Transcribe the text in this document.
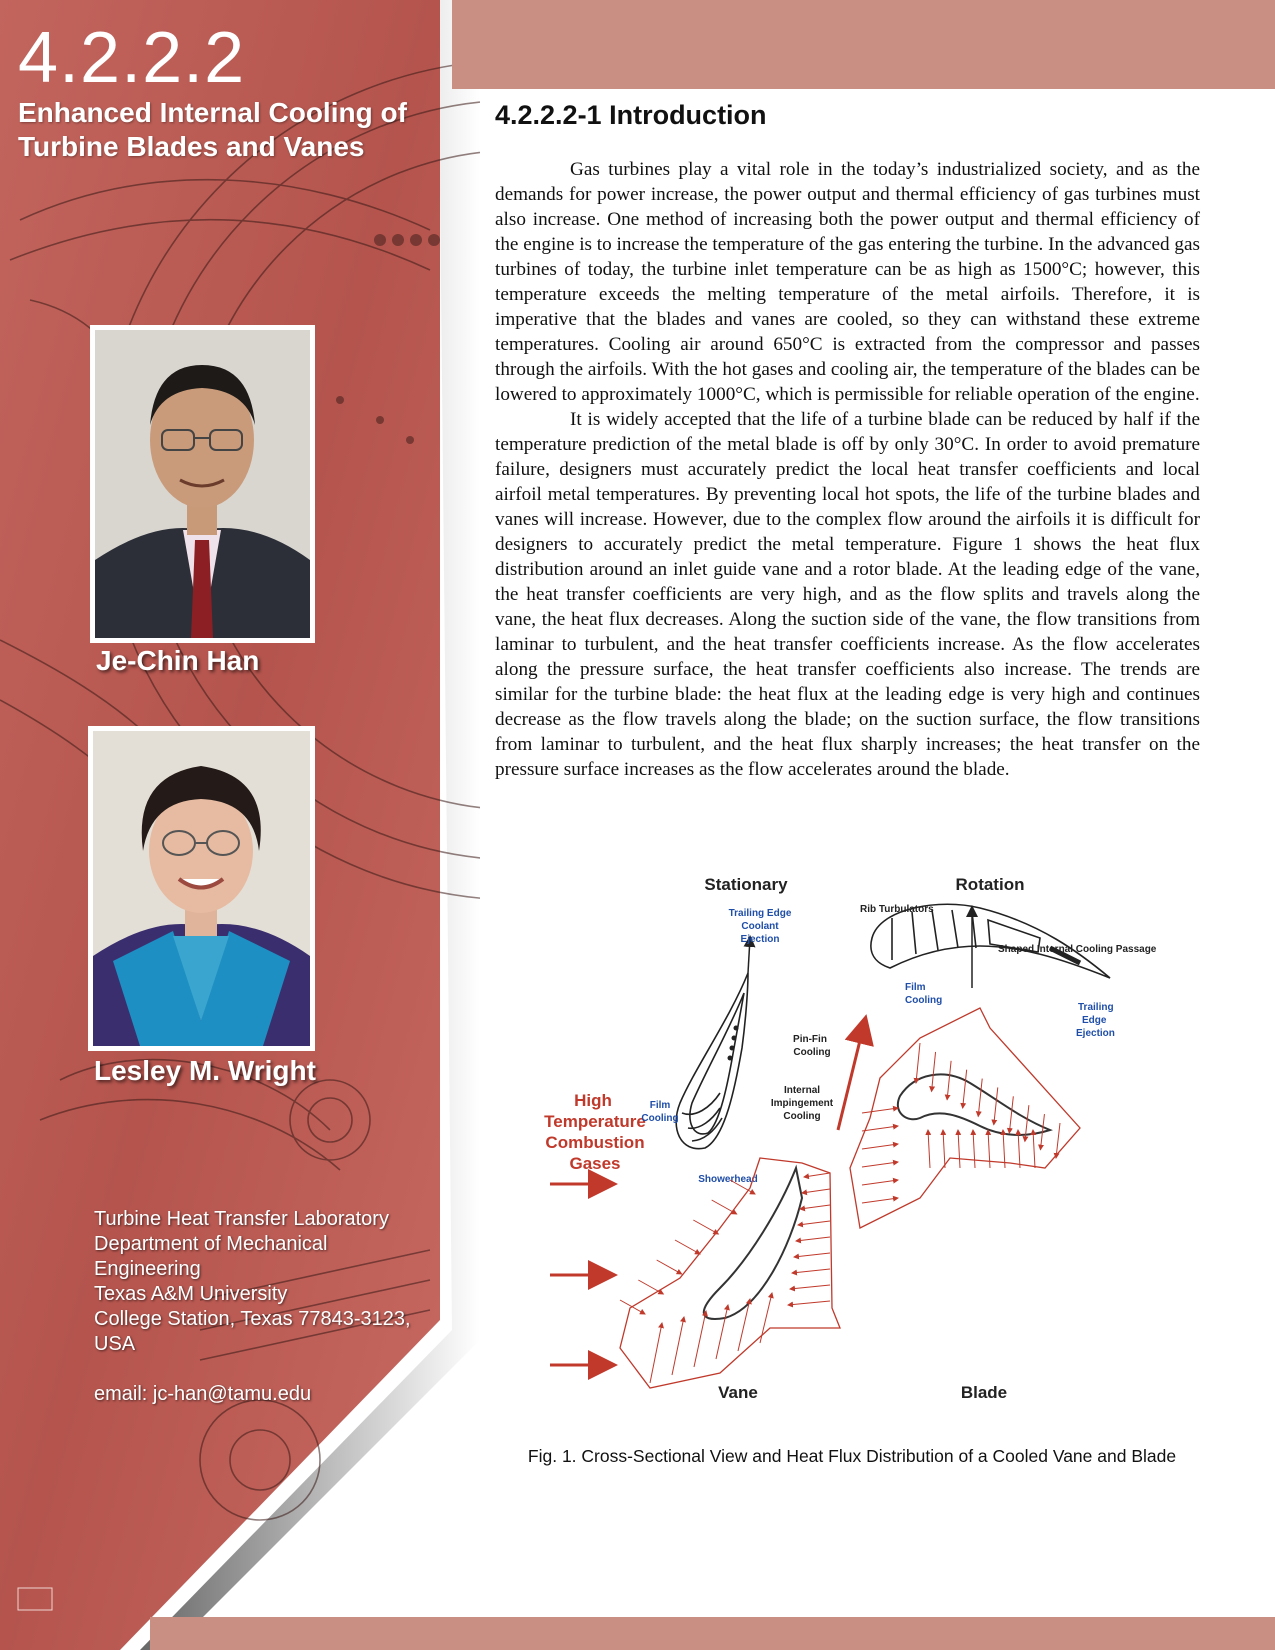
4.2.2.2
Enhanced Internal Cooling of Turbine Blades and Vanes

Je-Chin Han

Lesley M. Wright

Turbine Heat Transfer Laboratory
Department of Mechanical
Engineering
Texas A&M University
College Station, Texas 77843-3123,
USA
email: jc-han@tamu.edu
4.2.2.2-1 Introduction

Gas turbines play a vital role in the today’s industrialized society, and as the demands for power increase, the power output and thermal efficiency of gas turbines must also increase. One method of increasing both the power output and thermal efficiency of the engine is to increase the temperature of the gas entering the turbine. In the advanced gas turbines of today, the turbine inlet temperature can be as high as 1500°C; however, this temperature exceeds the melting temperature of the metal airfoils. Therefore, it is imperative that the blades and vanes are cooled, so they can withstand these extreme temperatures. Cooling air around 650°C is extracted from the compressor and passes through the airfoils. With the hot gases and cooling air, the temperature of the blades can be lowered to approximately 1000°C, which is permissible for reliable operation of the engine.

It is widely accepted that the life of a turbine blade can be reduced by half if the temperature prediction of the metal blade is off by only 30°C. In order to avoid premature failure, designers must accurately predict the local heat transfer coefficients and local airfoil metal temperatures. By preventing local hot spots, the life of the turbine blades and vanes will increase. However, due to the complex flow around the airfoils it is difficult for designers to accurately predict the metal temperature. Figure 1 shows the heat flux distribution around an inlet guide vane and a rotor blade. At the leading edge of the vane, the heat transfer coefficients are very high, and as the flow splits and travels along the vane, the heat flux decreases. Along the suction side of the vane, the flow transitions from laminar to turbulent, and the heat transfer coefficients increase. As the flow accelerates along the pressure surface, the heat transfer coefficients also increase. The trends are similar for the turbine blade: the heat flux at the leading edge is very high and continues decrease as the flow travels along the blade; on the suction surface, the flow transitions from laminar to turbulent, and the heat flux sharply increases; the heat transfer on the pressure surface increases as the flow accelerates around the blade.

Stationary	Rotation
High
Temperature
Combustion
Gases
Trailing Edge
Coolant
Ejection
Pin-Fin
Cooling
Internal
Impingement
Cooling
Film
Cooling
Showerhead
Rib Turbulators
Shaped Internal Cooling Passage
Film
Cooling
Trailing
Edge
Ejection
Vane	Blade
Fig. 1. Cross-Sectional View and Heat Flux Distribution of a Cooled Vane and Blade
